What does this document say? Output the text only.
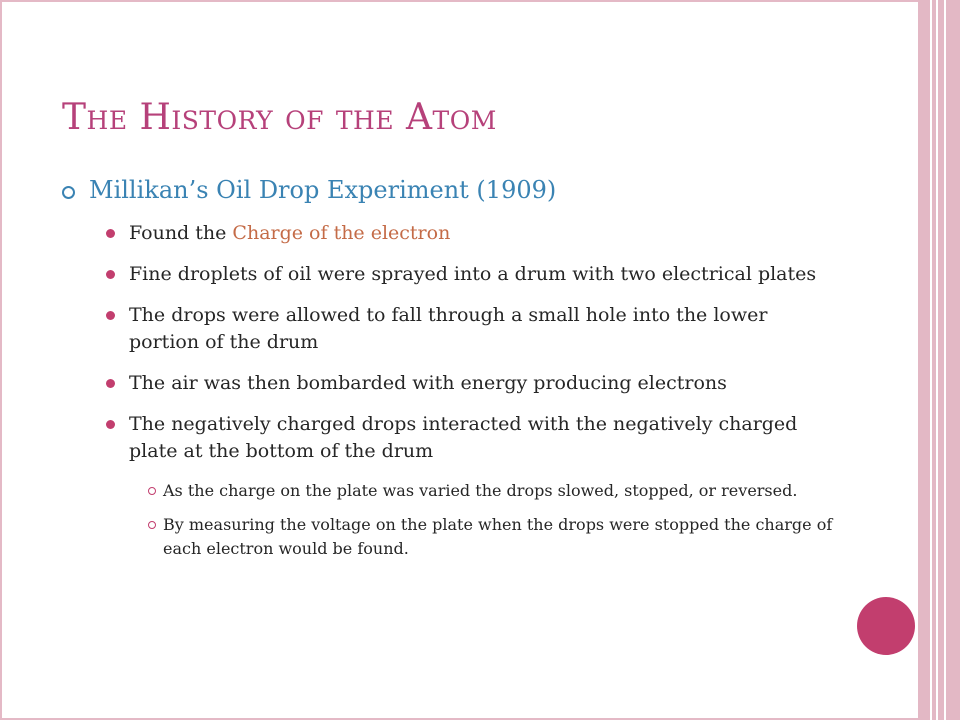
The History of the Atom
Millikan’s Oil Drop Experiment (1909)
Found the Charge of the electron
Fine droplets of oil were sprayed into a drum with two electrical plates
The drops were allowed to fall through a small hole into the lower portion of the drum
The air was then bombarded with energy producing electrons
The negatively charged drops interacted with the negatively charged plate at the bottom of the drum
As the charge on the plate was varied the drops slowed, stopped, or reversed.
By measuring the voltage on the plate when the drops were stopped the charge of each electron would be found.
